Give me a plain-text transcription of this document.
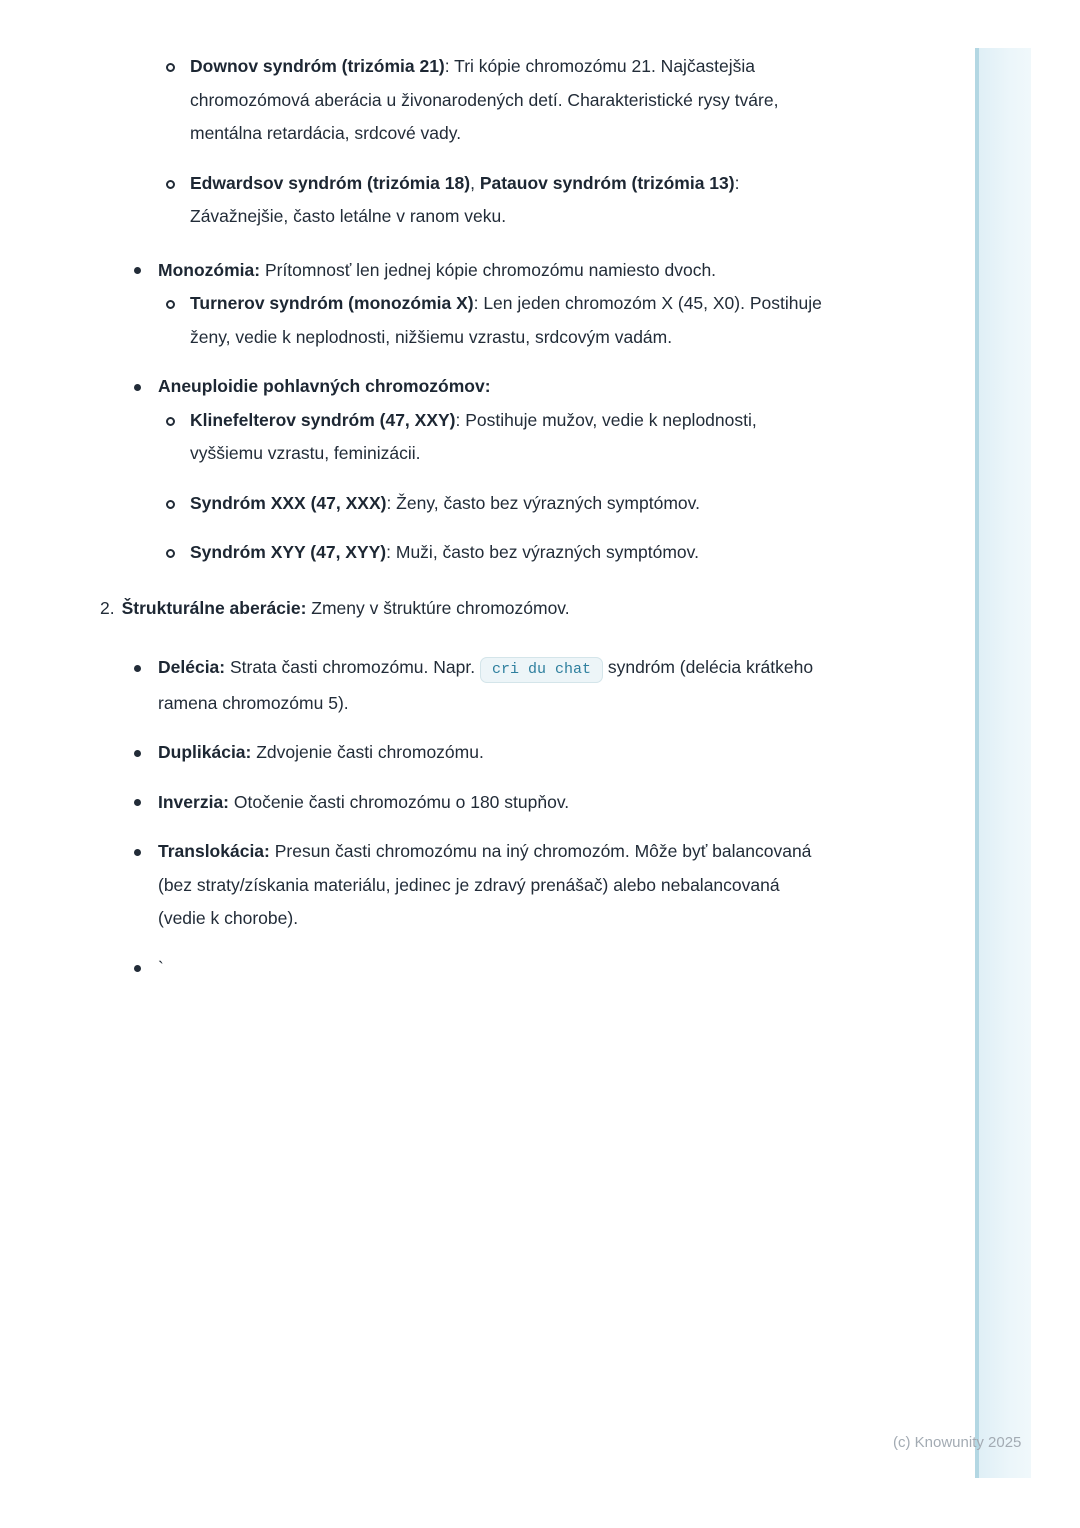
Downov syndróm (trizómia 21): Tri kópie chromozómu 21. Najčastejšia chromozómová aberácia u živonarodených detí. Charakteristické rysy tváre, mentálna retardácia, srdcové vady.
Edwardsov syndróm (trizómia 18), Patauov syndróm (trizómia 13): Závažnejšie, často letálne v ranom veku.
Monozómia: Prítomnosť len jednej kópie chromozómu namiesto dvoch.
Turnerov syndróm (monozómia X): Len jeden chromozóm X (45, X0). Postihuje ženy, vedie k neplodnosti, nižšiemu vzrastu, srdcovým vadám.
Aneuploidie pohlavných chromozómov:
Klinefelterov syndróm (47, XXY): Postihuje mužov, vedie k neplodnosti, vyššiemu vzrastu, feminizácii.
Syndróm XXX (47, XXX): Ženy, často bez výrazných symptómov.
Syndróm XYY (47, XYY): Muži, často bez výrazných symptómov.
2. Štrukturálne aberácie: Zmeny v štruktúre chromozómov.
Delécia: Strata časti chromozómu. Napr. cri du chat syndróm (delécia krátkeho ramena chromozómu 5).
Duplikácia: Zdvojenie časti chromozómu.
Inverzia: Otočenie časti chromozómu o 180 stupňov.
Translokácia: Presun časti chromozómu na iný chromozóm. Môže byť balancovaná (bez straty/získania materiálu, jedinec je zdravý prenášač) alebo nebalancovaná (vedie k chorobe).
`
(c) Knowunity 2025
